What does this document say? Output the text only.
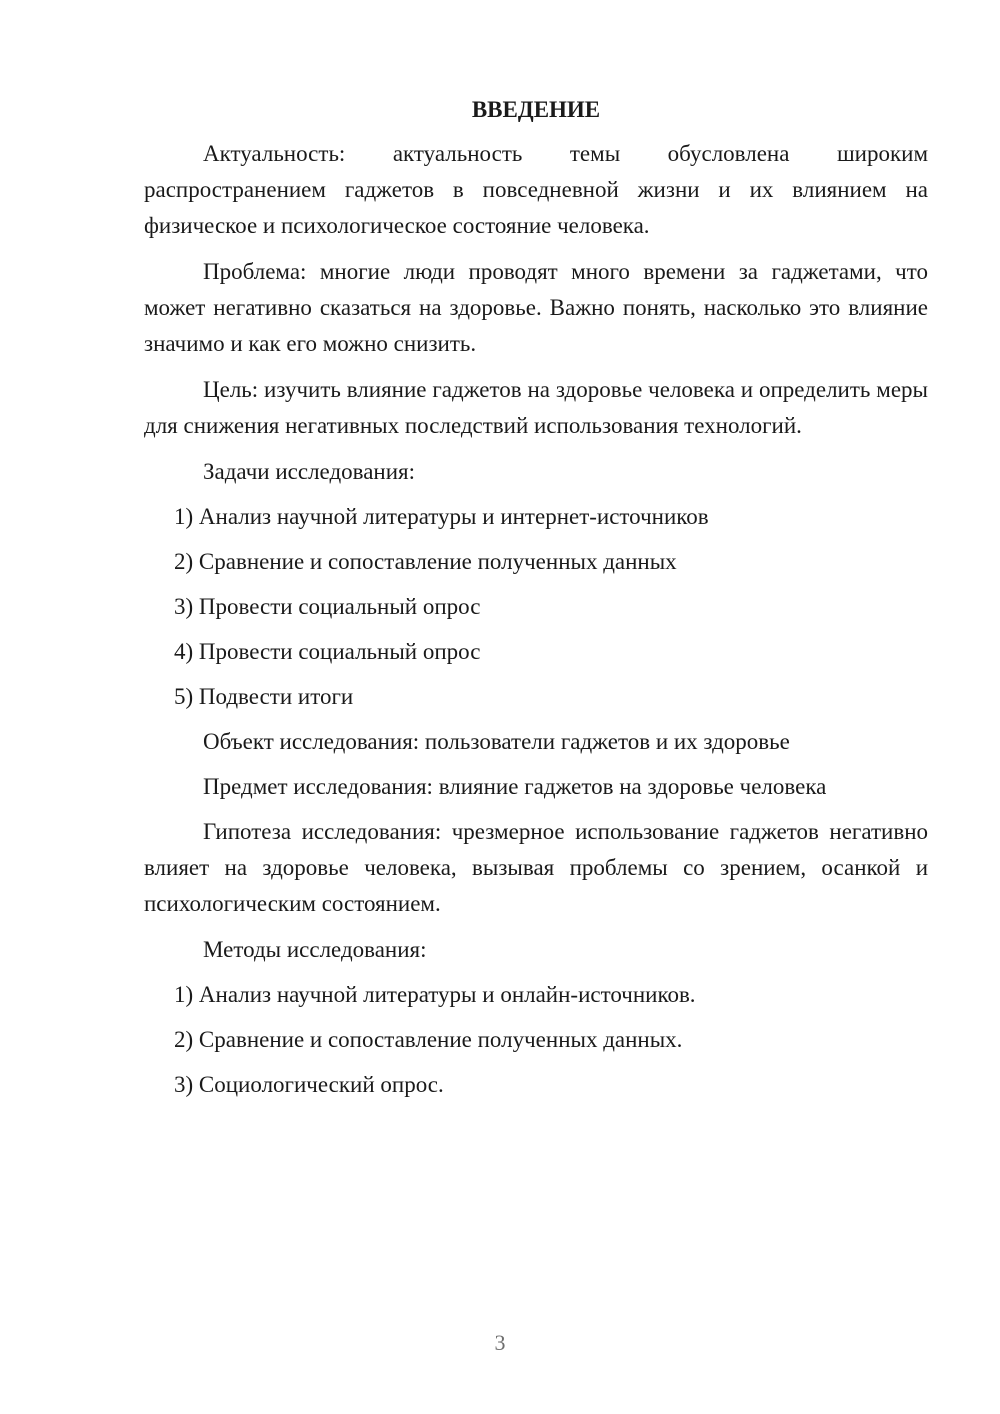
ВВЕДЕНИЕ

Актуальность: актуальность темы обусловлена широким распространением гаджетов в повседневной жизни и их влиянием на физическое и психологическое состояние человека.

Проблема: многие люди проводят много времени за гаджетами, что может негативно сказаться на здоровье. Важно понять, насколько это влияние значимо и как его можно снизить.

Цель: изучить влияние гаджетов на здоровье человека и определить меры для снижения негативных последствий использования технологий.

Задачи исследования:
1) Анализ научной литературы и интернет-источников
2) Сравнение и сопоставление полученных данных
3) Провести социальный опрос
4) Провести социальный опрос
5) Подвести итоги
Объект исследования: пользователи гаджетов и их здоровье
Предмет исследования: влияние гаджетов на здоровье человека

Гипотеза исследования: чрезмерное использование гаджетов негативно влияет на здоровье человека, вызывая проблемы со зрением, осанкой и психологическим состоянием.

Методы исследования:
1) Анализ научной литературы и онлайн-источников.
2) Сравнение и сопоставление полученных данных.
3) Социологический опрос.
3
